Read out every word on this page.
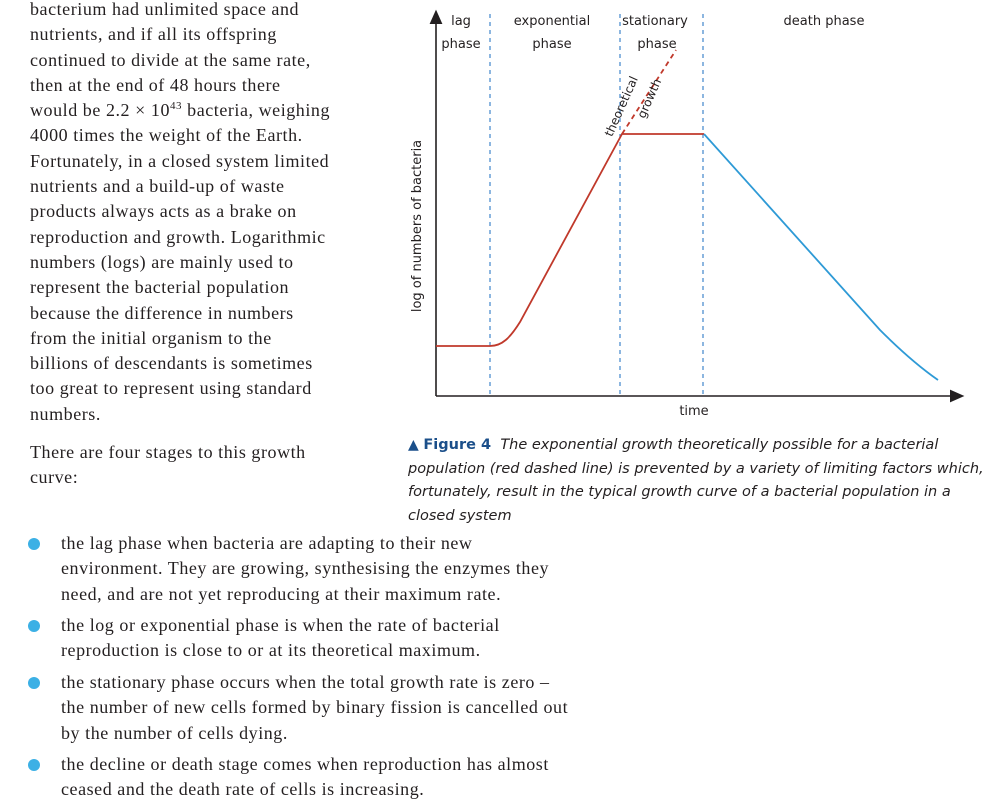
bacterium had unlimited space and
nutrients, and if all its offspring
continued to divide at the same rate,
then at the end of 48 hours there
would be $2.2 \times 10^{43}$ bacteria, weighing
4000 times the weight of the Earth.
Fortunately, in a closed system limited
nutrients and a build-up of waste
products always acts as a brake on
reproduction and growth. Logarithmic
numbers (logs) are mainly used to
represent the bacterial population
because the difference in numbers
from the initial organism to the
billions of descendants is sometimes
too great to represent using standard
numbers.

lag
phase
exponential
phase
stationary
phase
death phase
theoretical
growth
log of numbers of bacteria
time

▲ Figure 4 The exponential growth theoretically possible for a bacterial
population (red dashed line) is prevented by a variety of limiting factors which,
fortunately, result in the typical growth curve of a bacterial population in a
closed system

There are four stages to this growth
curve:

the lag phase when bacteria are adapting to their new
environment. They are growing, synthesising the enzymes they
need, and are not yet reproducing at their maximum rate.

the log or exponential phase is when the rate of bacterial
reproduction is close to or at its theoretical maximum.

the stationary phase occurs when the total growth rate is zero –
the number of new cells formed by binary fission is cancelled out
by the number of cells dying.

the decline or death stage comes when reproduction has almost
ceased and the death rate of cells is increasing.
